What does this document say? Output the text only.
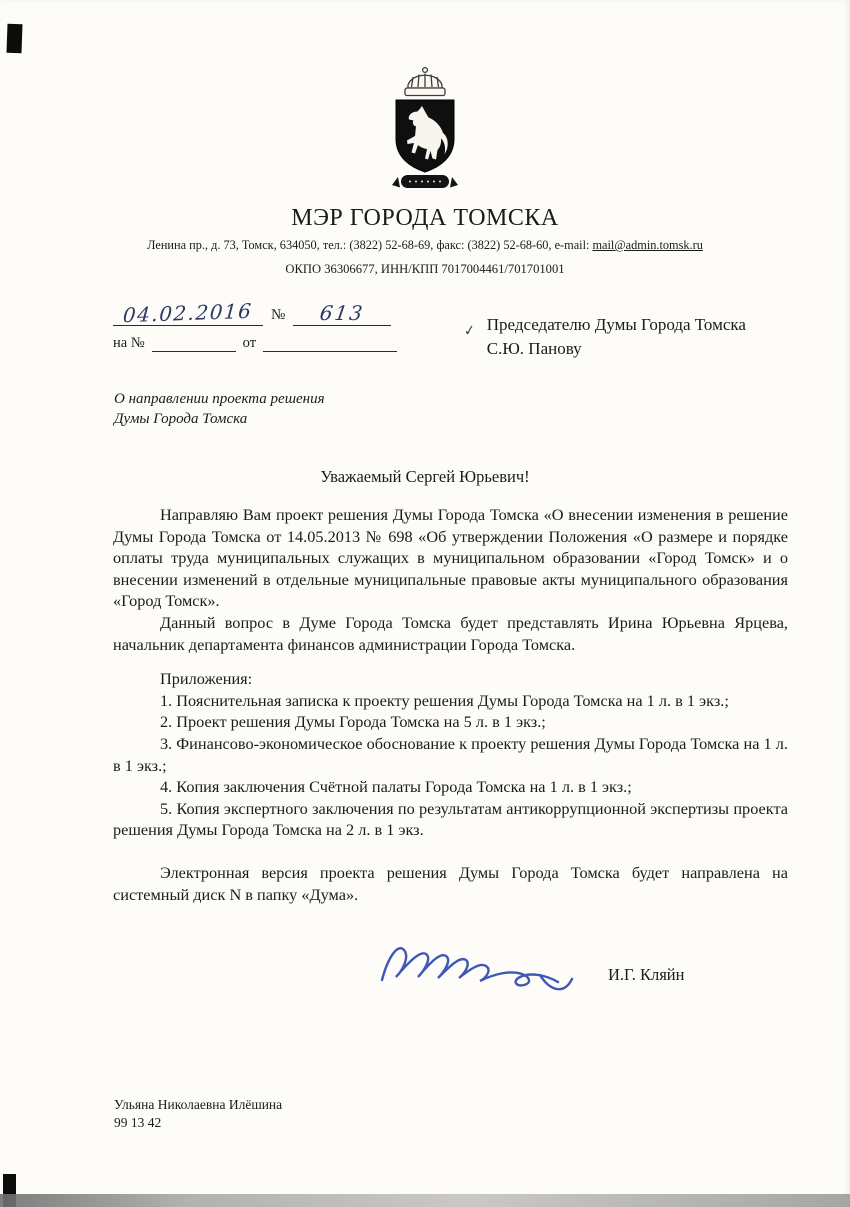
МЭР ГОРОДА ТОМСКА
Ленина пр., д. 73, Томск, 634050, тел.: (3822) 52-68-69, факс: (3822) 52-68-60, e-mail: mail@admin.tomsk.ru
ОКПО 36306677, ИНН/КПП 7017004461/701701001
04.02.2016	№	613
на №	от
✓ Председателю Думы Города Томска
С.Ю. Панову
О направлении проекта решения
Думы Города Томска
Уважаемый Сергей Юрьевич!

Направляю Вам проект решения Думы Города Томска «О внесении изменения в решение Думы Города Томска от 14.05.2013 № 698 «Об утверждении Положения «О размере и порядке оплаты труда муниципальных служащих в муниципальном образовании «Город Томск» и о внесении изменений в отдельные муниципальные правовые акты муниципального образования «Город Томск».

Данный вопрос в Думе Города Томска будет представлять Ирина Юрьевна Ярцева, начальник департамента финансов администрации Города Томска.

Приложения:

1. Пояснительная записка к проекту решения Думы Города Томска на 1 л. в 1 экз.;

2. Проект решения Думы Города Томска на 5 л. в 1 экз.;

3. Финансово-экономическое обоснование к проекту решения Думы Города Томска на 1 л. в 1 экз.;

4. Копия заключения Счётной палаты Города Томска на 1 л. в 1 экз.;

5. Копия экспертного заключения по результатам антикоррупционной экспертизы проекта решения Думы Города Томска на 2 л. в 1 экз.

Электронная версия проекта решения Думы Города Томска будет направлена на системный диск N в папку «Дума».

И.Г. Кляйн
Ульяна Николаевна Илёшина
99 13 42
